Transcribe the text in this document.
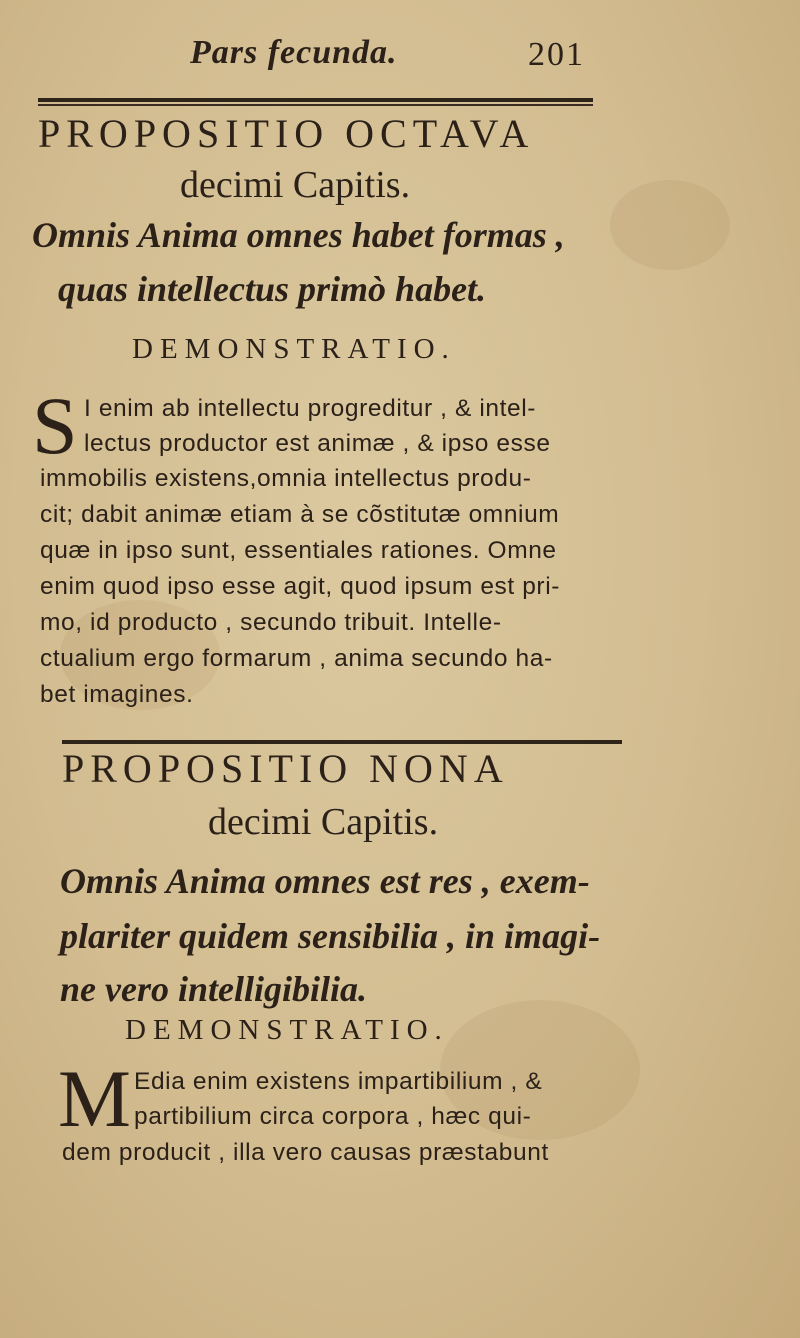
Pars fecunda.	201
PROPOSITIO OCTAVA
decimi Capitis.
Omnis Anima omnes habet formas ,
quas intellectus primò habet.
DEMONSTRATIO.
S I enim ab intellectu progreditur , & intel-
lectus productor est animæ , & ipso esse
immobilis existens,omnia intellectus produ-
cit; dabit animæ etiam à se cõstitutæ omnium
quæ in ipso sunt, essentiales rationes. Omne
enim quod ipso esse agit, quod ipsum est pri-
mo, id producto , secundo tribuit. Intelle-
ctualium ergo formarum , anima secundo ha-
bet imagines.
PROPOSITIO NONA
decimi Capitis.
Omnis Anima omnes est res , exem-
plariter quidem sensibilia , in imagi-
ne vero intelligibilia.
DEMONSTRATIO.
M Edia enim existens impartibilium , &
partibilium circa corpora , hæc qui-
dem producit , illa vero causas præstabunt
